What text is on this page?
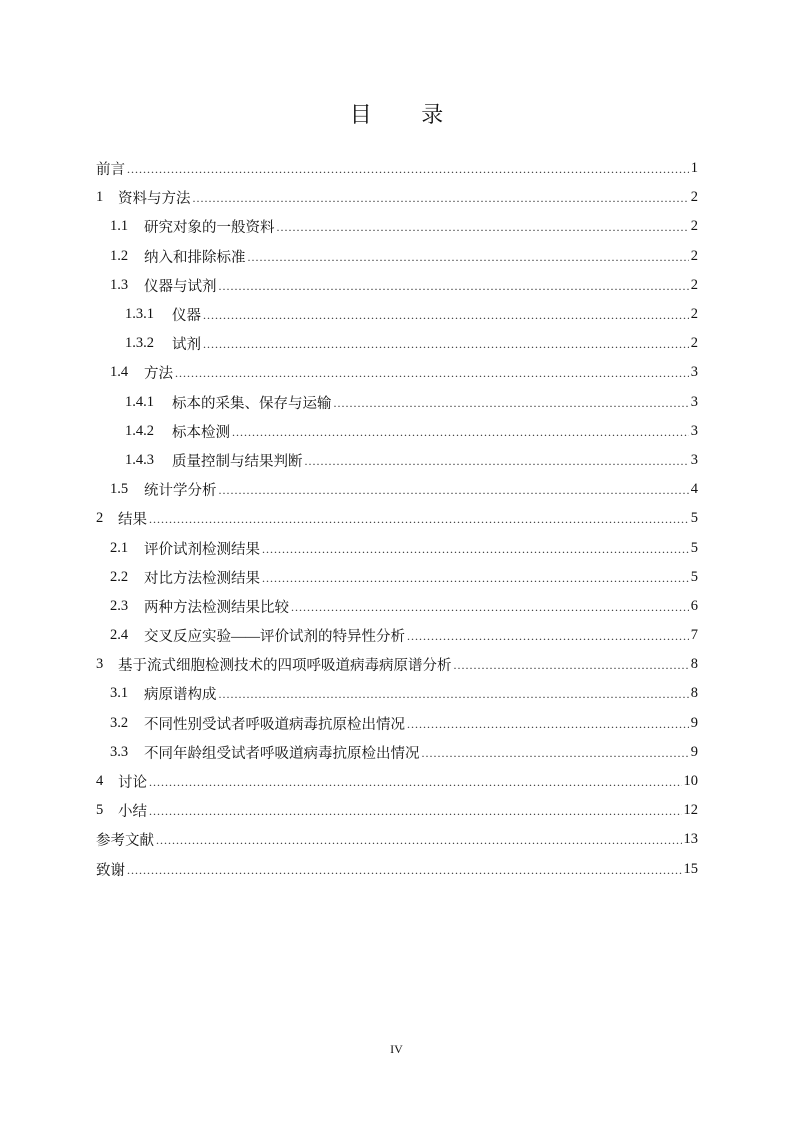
目 录
前言 .....	1
1	资料与方法 .....	2
1.1	研究对象的一般资料 .....	2
1.2	纳入和排除标准 .....	2
1.3	仪器与试剂 .....	2
1.3.1	仪器 .....	2
1.3.2	试剂 .....	2
1.4	方法 .....	3
1.4.1	标本的采集、保存与运输 .....	3
1.4.2	标本检测 .....	3
1.4.3	质量控制与结果判断 .....	3
1.5	统计学分析 .....	4
2	结果 .....	5
2.1	评价试剂检测结果 .....	5
2.2	对比方法检测结果 .....	5
2.3	两种方法检测结果比较 .....	6
2.4	交叉反应实验——评价试剂的特异性分析 .....	7
3	基于流式细胞检测技术的四项呼吸道病毒病原谱分析 .....	8
3.1	病原谱构成 .....	8
3.2	不同性别受试者呼吸道病毒抗原检出情况 .....	9
3.3	不同年龄组受试者呼吸道病毒抗原检出情况 .....	9
4	讨论 .....	10
5	小结 .....	12
参考文献 .....	13
致谢 .....	15
IV
